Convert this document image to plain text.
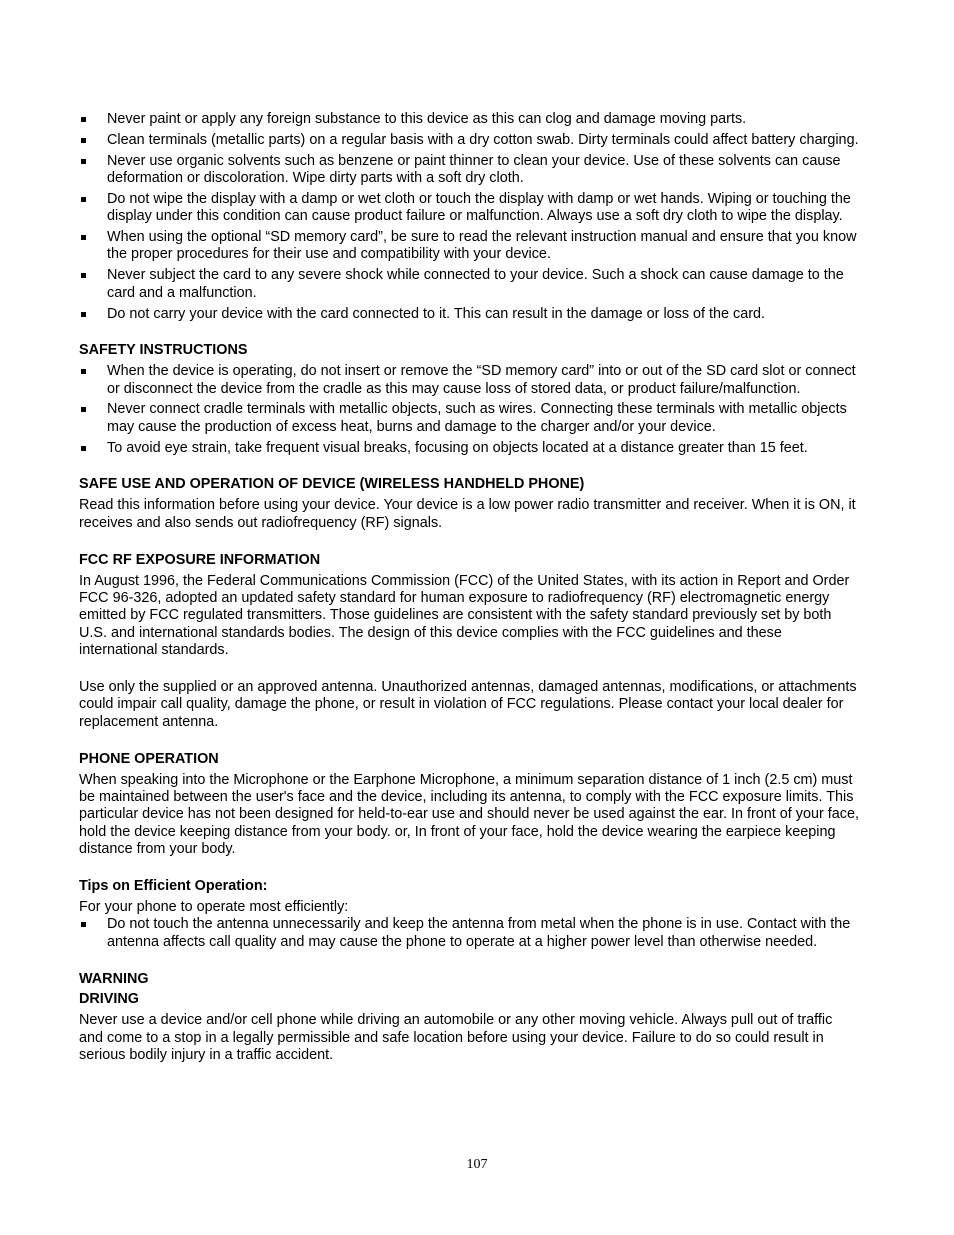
Never paint or apply any foreign substance to this device as this can clog and damage moving parts.
Clean terminals (metallic parts) on a regular basis with a dry cotton swab. Dirty terminals could affect battery charging.
Never use organic solvents such as benzene or paint thinner to clean your device. Use of these solvents can cause deformation or discoloration. Wipe dirty parts with a soft dry cloth.
Do not wipe the display with a damp or wet cloth or touch the display with damp or wet hands. Wiping or touching the display under this condition can cause product failure or malfunction. Always use a soft dry cloth to wipe the display.
When using the optional “SD memory card”, be sure to read the relevant instruction manual and ensure that you know the proper procedures for their use and compatibility with your device.
Never subject the card to any severe shock while connected to your device. Such a shock can cause damage to the card and a malfunction.
Do not carry your device with the card connected to it. This can result in the damage or loss of the card.
SAFETY INSTRUCTIONS
When the device is operating, do not insert or remove the “SD memory card” into or out of the SD card slot or connect or disconnect the device from the cradle as this may cause loss of stored data, or product failure/malfunction.
Never connect cradle terminals with metallic objects, such as wires. Connecting these terminals with metallic objects may cause the production of excess heat, burns and damage to the charger and/or your device.
To avoid eye strain, take frequent visual breaks, focusing on objects located at a distance greater than 15 feet.
SAFE USE AND OPERATION OF DEVICE (WIRELESS HANDHELD PHONE)

Read this information before using your device. Your device is a low power radio transmitter and receiver. When it is ON, it receives and also sends out radiofrequency (RF) signals.

FCC RF EXPOSURE INFORMATION

In August 1996, the Federal Communications Commission (FCC) of the United States, with its action in Report and Order FCC 96-326, adopted an updated safety standard for human exposure to radiofrequency (RF) electromagnetic energy emitted by FCC regulated transmitters. Those guidelines are consistent with the safety standard previously set by both U.S. and international standards bodies. The design of this device complies with the FCC guidelines and these international standards.

Use only the supplied or an approved antenna. Unauthorized antennas, damaged antennas, modifications, or attachments could impair call quality, damage the phone, or result in violation of FCC regulations. Please contact your local dealer for replacement antenna.

PHONE OPERATION

When speaking into the Microphone or the Earphone Microphone, a minimum separation distance of 1 inch (2.5 cm) must be maintained between the user's face and the device, including its antenna, to comply with the FCC exposure limits. This particular device has not been designed for held-to-ear use and should never be used against the ear. In front of your face, hold the device keeping distance from your body. or, In front of your face, hold the device wearing the earpiece keeping distance from your body.

Tips on Efficient Operation:

For your phone to operate most efficiently:

Do not touch the antenna unnecessarily and keep the antenna from metal when the phone is in use. Contact with the antenna affects call quality and may cause the phone to operate at a higher power level than otherwise needed.
WARNING
DRIVING

Never use a device and/or cell phone while driving an automobile or any other moving vehicle. Always pull out of traffic and come to a stop in a legally permissible and safe location before using your device. Failure to do so could result in serious bodily injury in a traffic accident.

107
